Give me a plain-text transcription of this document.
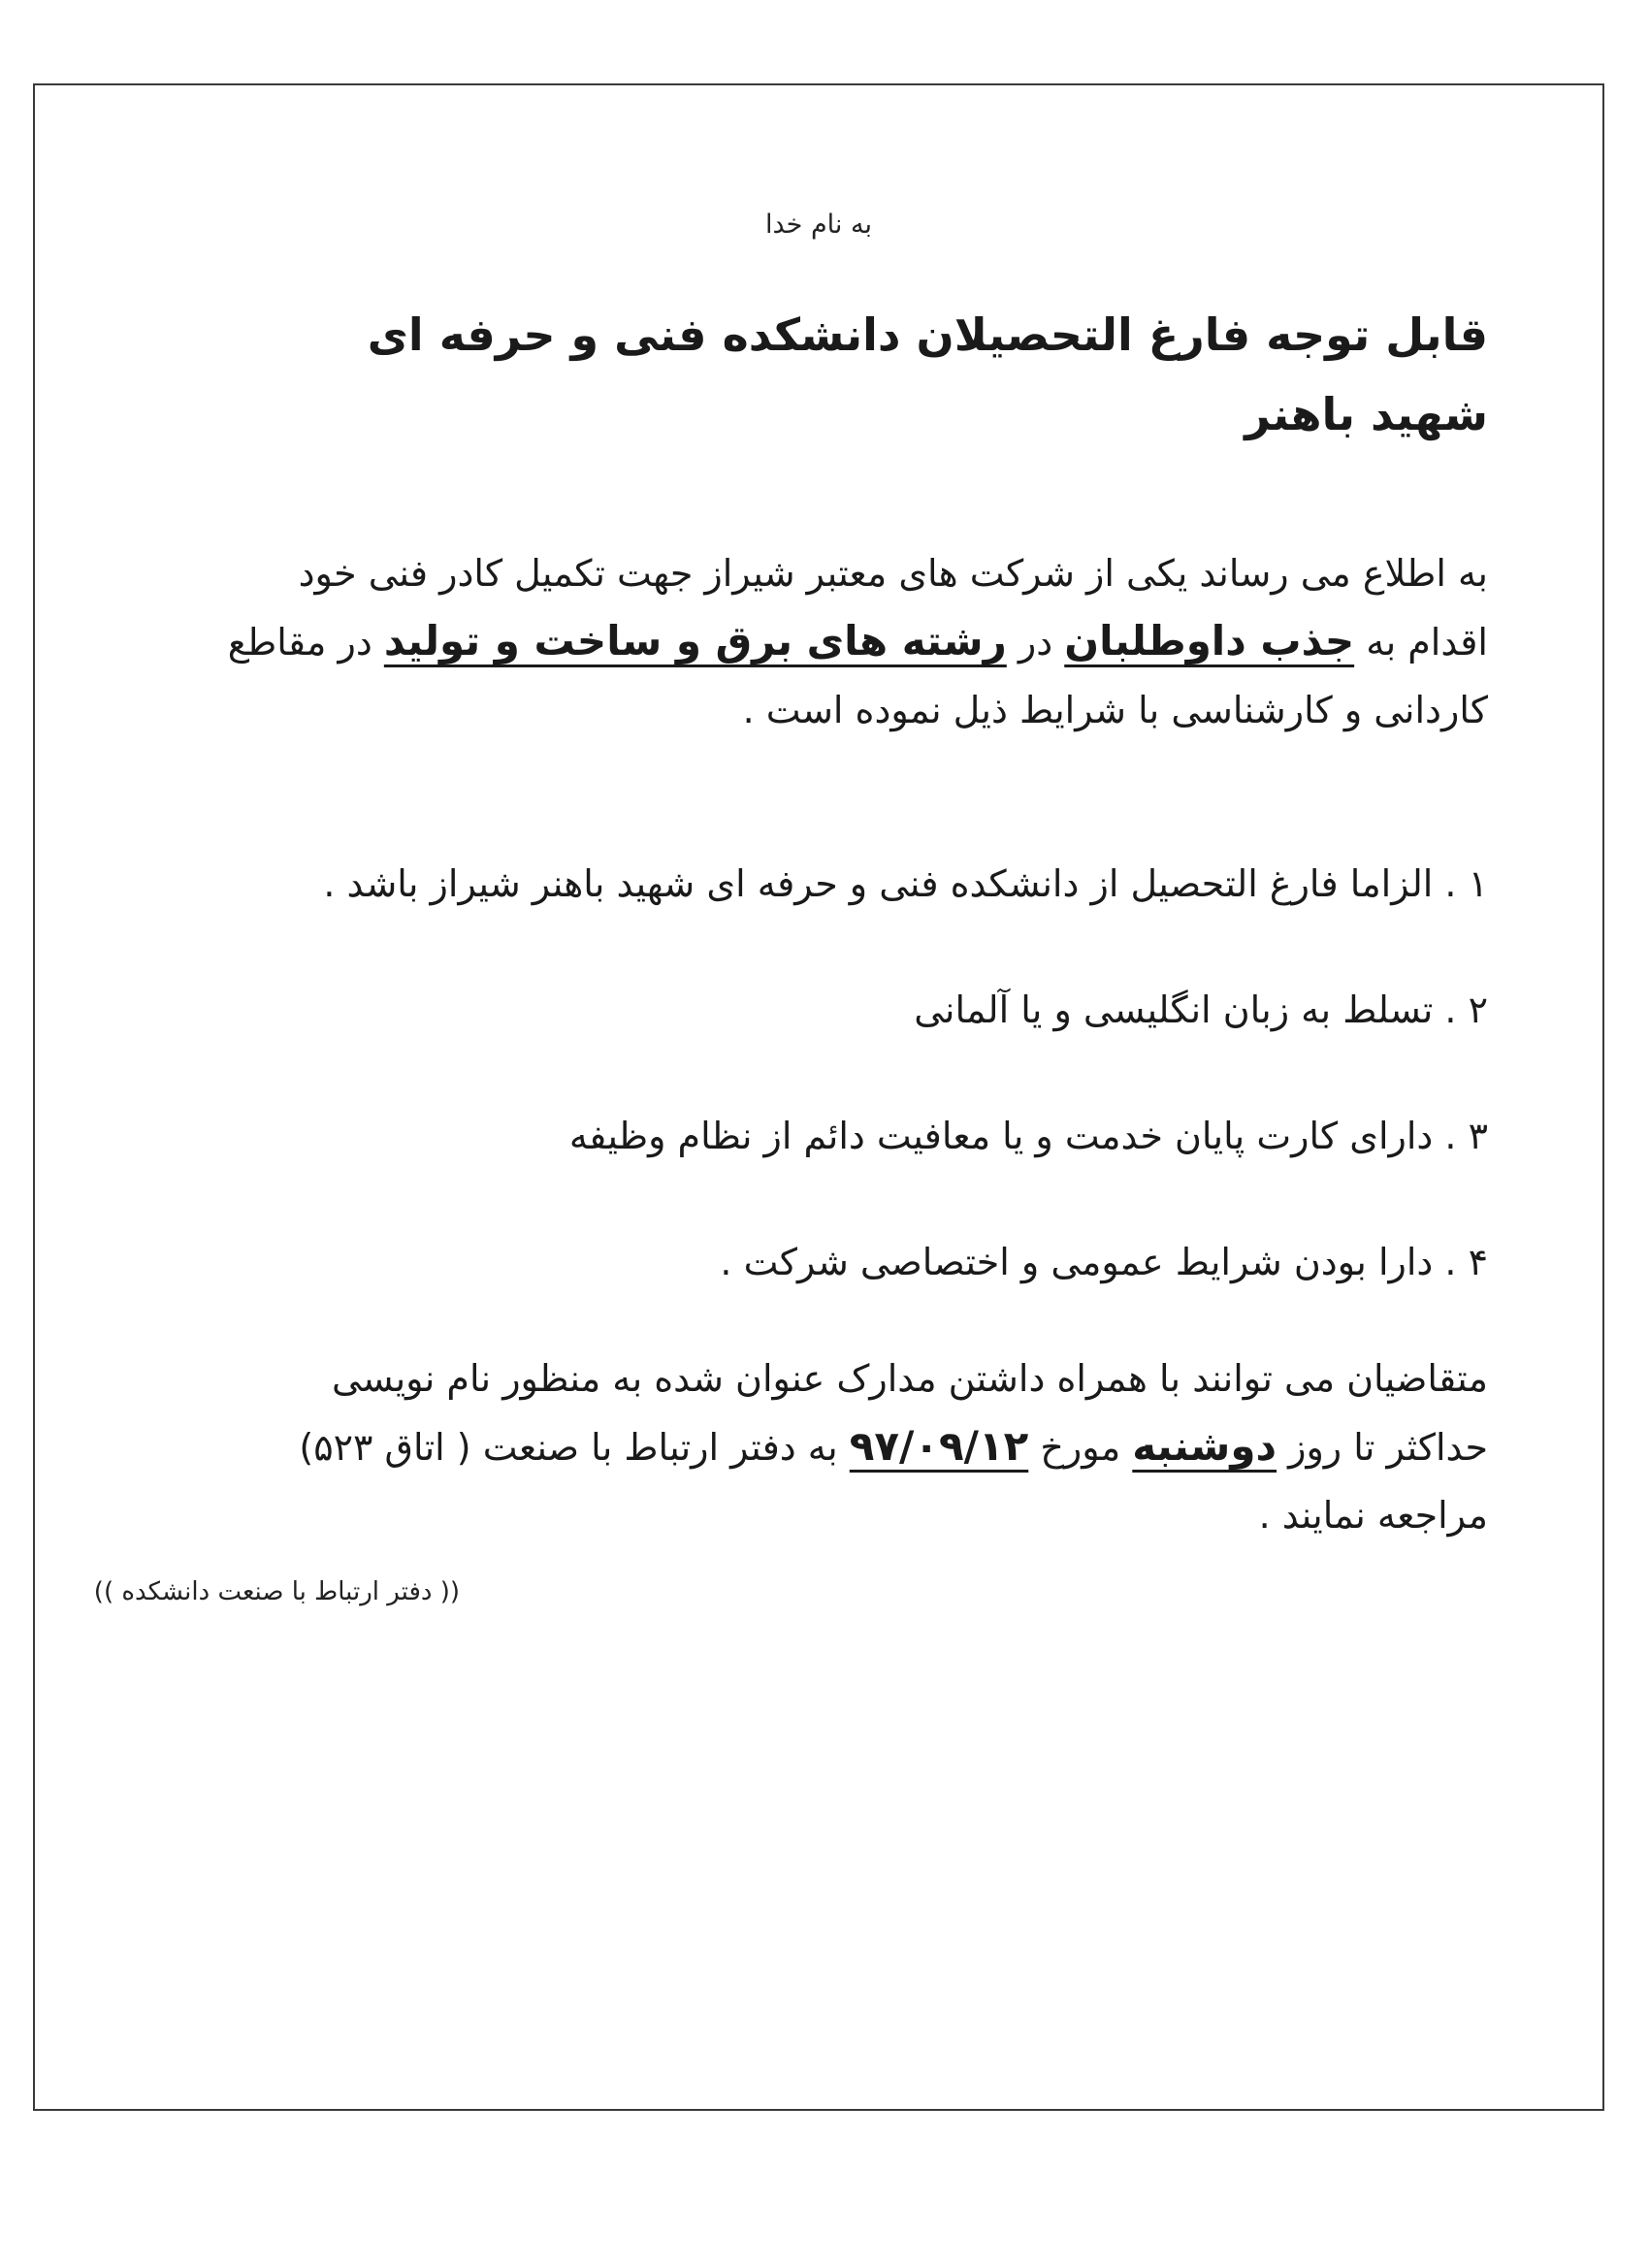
به نام خدا
قابل توجه فارغ التحصیلان دانشکده فنی و حرفه ای شهید باهنر
به اطلاع می رساند یکی از شرکت های معتبر شیراز جهت تکمیل کادر فنی خود اقدام به جذب داوطلبان در رشته های برق و ساخت و تولید در مقاطع کاردانی و کارشناسی با شرایط ذیل نموده است .
۱ . الزاما فارغ التحصیل از دانشکده فنی و حرفه ای شهید باهنر شیراز باشد .
۲ . تسلط به زبان انگلیسی و یا آلمانی
۳ . دارای کارت پایان خدمت و یا معافیت دائم از نظام وظیفه
۴ . دارا بودن شرایط عمومی و اختصاصی شرکت .
متقاضیان می توانند با همراه داشتن مدارک عنوان شده به منظور نام نویسی حداکثر تا روز دوشنبه مورخ ۹۷/۰۹/۱۲ به دفتر ارتباط با صنعت ( اتاق ۵۲۳) مراجعه نمایند .
(( دفتر ارتباط با صنعت دانشکده ))
